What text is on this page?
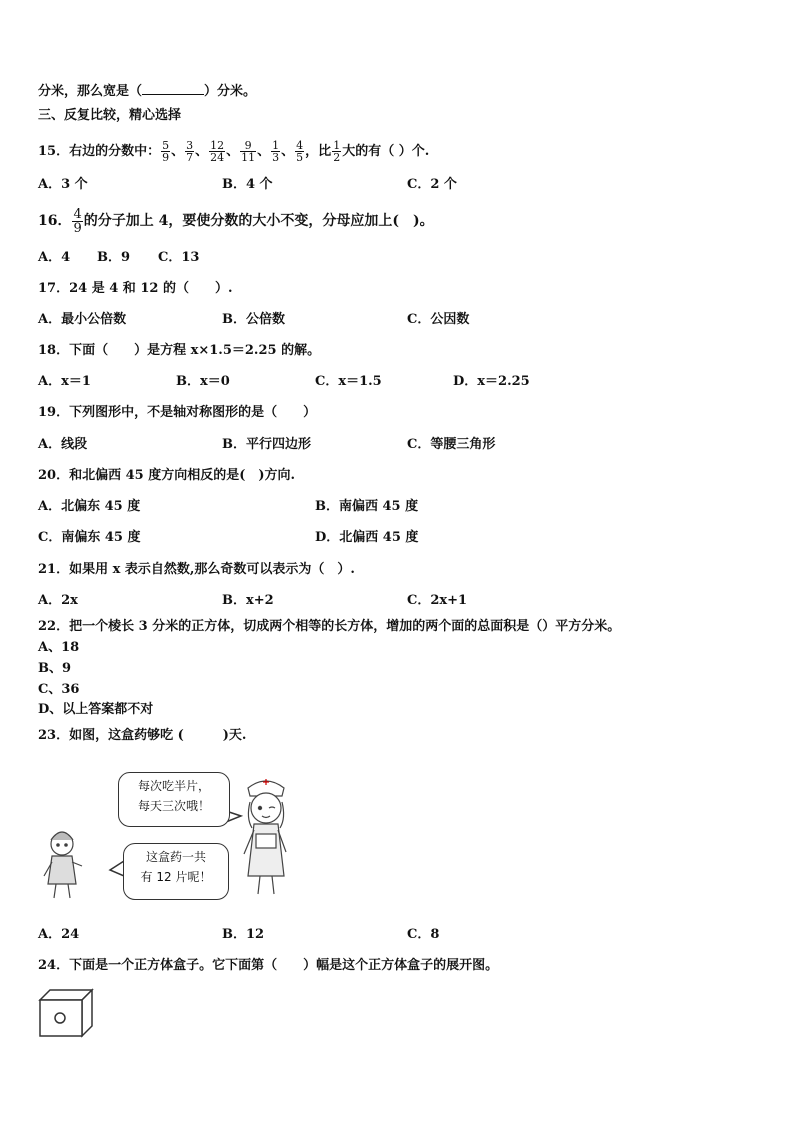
分米，那么宽是（	）分米。
三、反复比较，精心选择
15．右边的分数中： $\frac{5}{9}$ 、 $\frac{3}{7}$ 、 $\frac{12}{24}$ 、 $\frac{9}{11}$ 、 $\frac{1}{3}$ 、 $\frac{4}{5}$ ，比 $\frac{1}{2}$ 大的有（ ）个.
A．3 个	B．4 个	C．2 个
16． $\frac{4}{9}$ 的分子加上 4，要使分数的大小不变，分母应加上(　)。
A．4 B．9 C．13
17．24 是 4 和 12 的（　　）.
A．最小公倍数	B．公倍数	C．公因数
18．下面（　　）是方程 x×1.5＝2.25 的解。
A．x＝1	B．x＝0	C．x＝1.5	D．x＝2.25
19．下列图形中，不是轴对称图形的是（　　）
A．线段	B．平行四边形	C．等腰三角形
20．和北偏西 45 度方向相反的是(　)方向.
A．北偏东 45 度	B．南偏西 45 度
C．南偏东 45 度	D．北偏西 45 度
21．如果用 x 表示自然数,那么奇数可以表示为（　）.
A．2x	B．x+2	C．2x+1
22．把一个棱长 3 分米的正方体，切成两个相等的长方体，增加的两个面的总面积是（）平方分米。
A、18
B、9
C、36
D、以上答案都不对
23．如图，这盒药够吃 (　　　)天.
每次吃半片，
每天三次哦！
这盒药一共
有 12 片呢！
A．24	B．12	C．8
24．下面是一个正方体盒子。它下面第（　　）幅是这个正方体盒子的展开图。
